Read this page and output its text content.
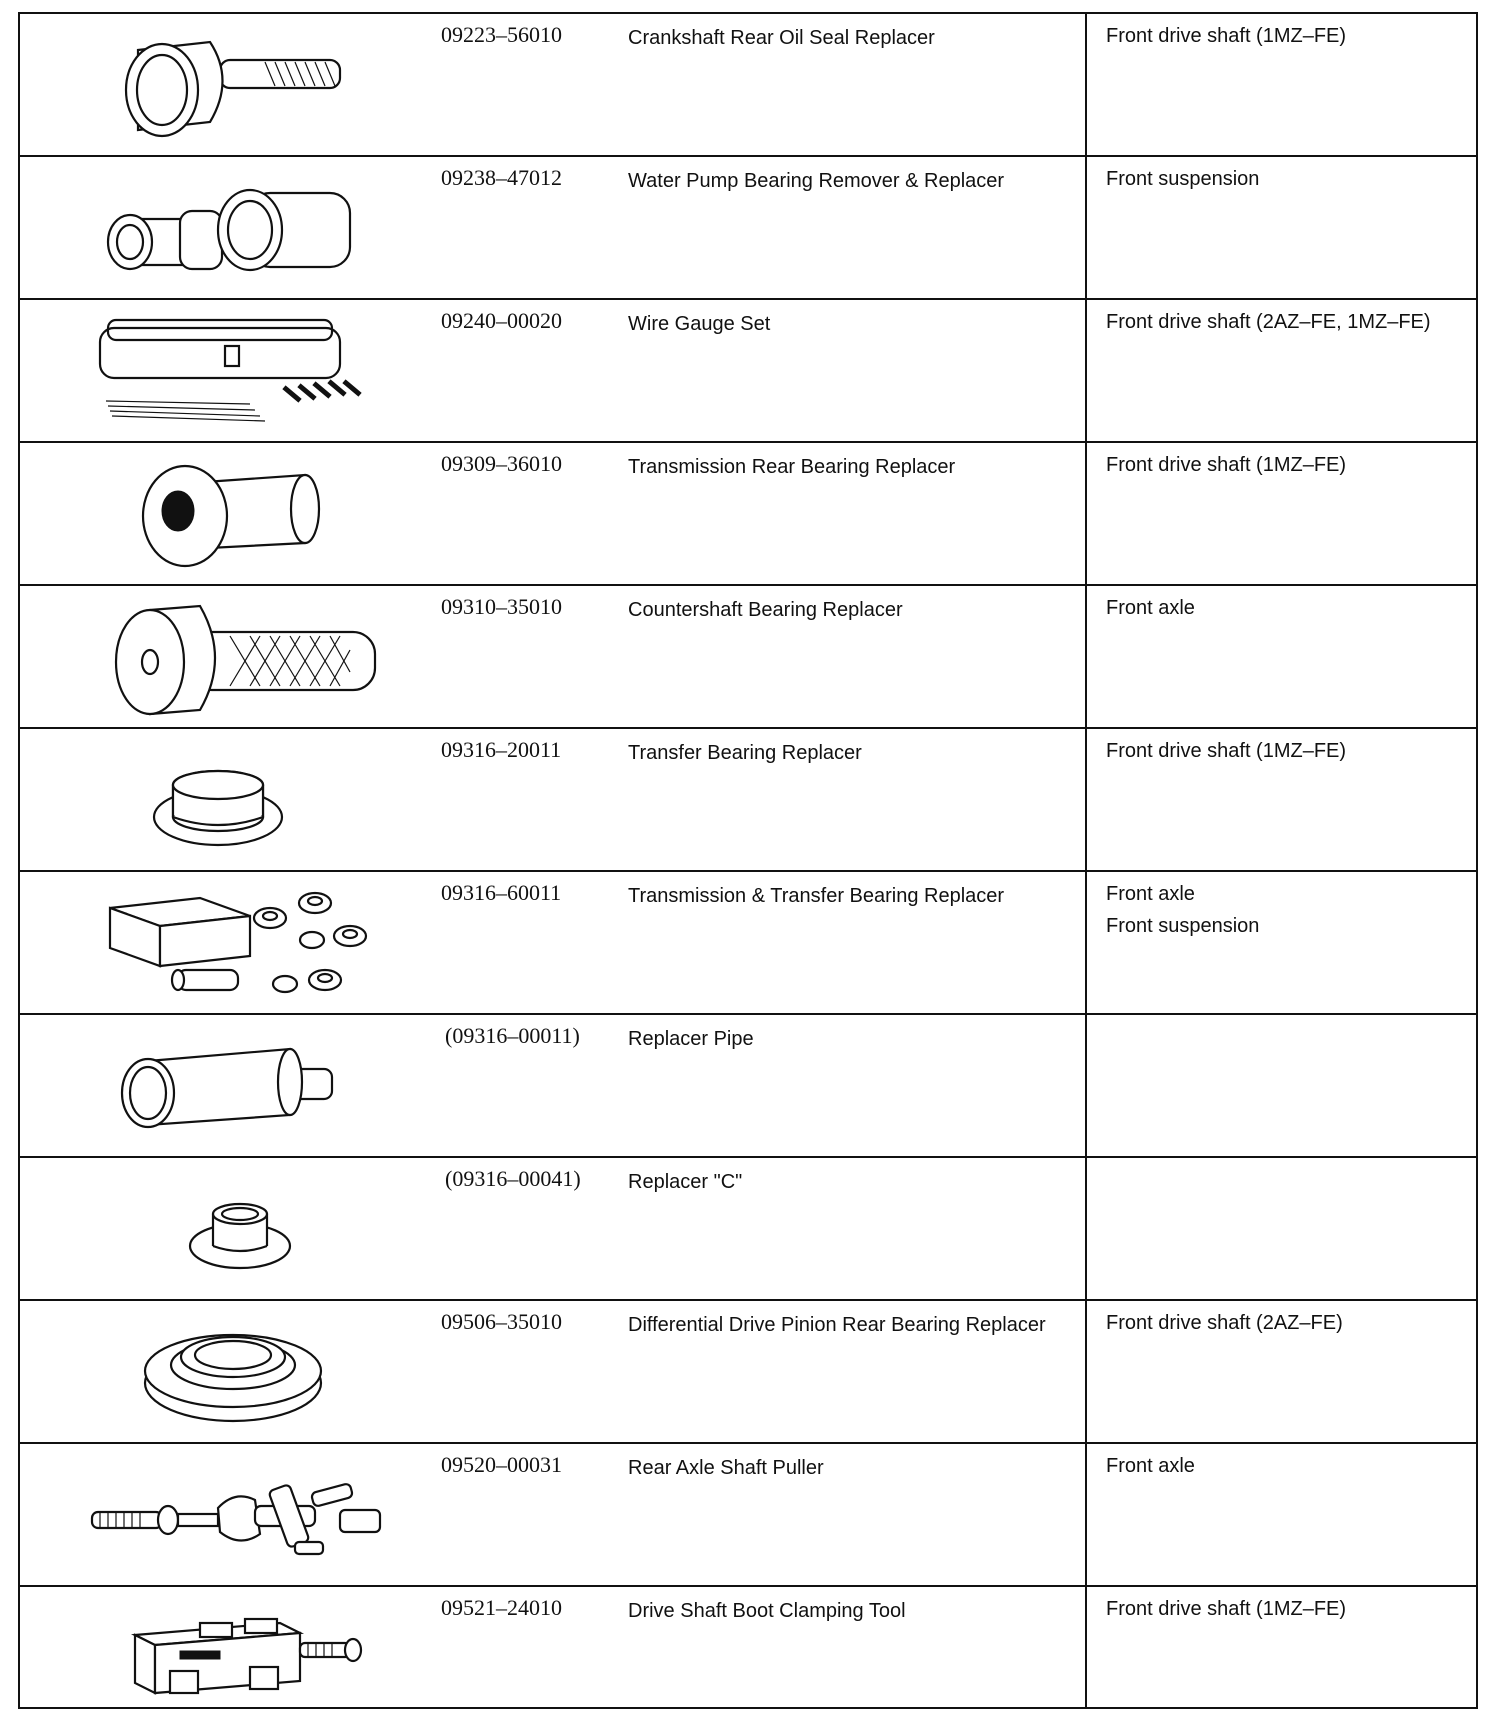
09223–56010	Crankshaft Rear Oil Seal Replacer	Front drive shaft (1MZ–FE)
09238–47012	Water Pump Bearing Remover & Replacer	Front suspension
09240–00020	Wire Gauge Set	Front drive shaft (2AZ–FE, 1MZ–FE)
09309–36010	Transmission Rear Bearing Replacer	Front drive shaft (1MZ–FE)
09310–35010	Countershaft Bearing Replacer	Front axle
09316–20011	Transfer Bearing Replacer	Front drive shaft (1MZ–FE)
09316–60011	Transmission & Transfer Bearing Replacer	Front axle
Front suspension
(09316–00011)	Replacer Pipe
(09316–00041)	Replacer "C"
09506–35010	Differential Drive Pinion Rear Bearing Replacer	Front drive shaft (2AZ–FE)
09520–00031	Rear Axle Shaft Puller	Front axle
09521–24010	Drive Shaft Boot Clamping Tool	Front drive shaft (1MZ–FE)
